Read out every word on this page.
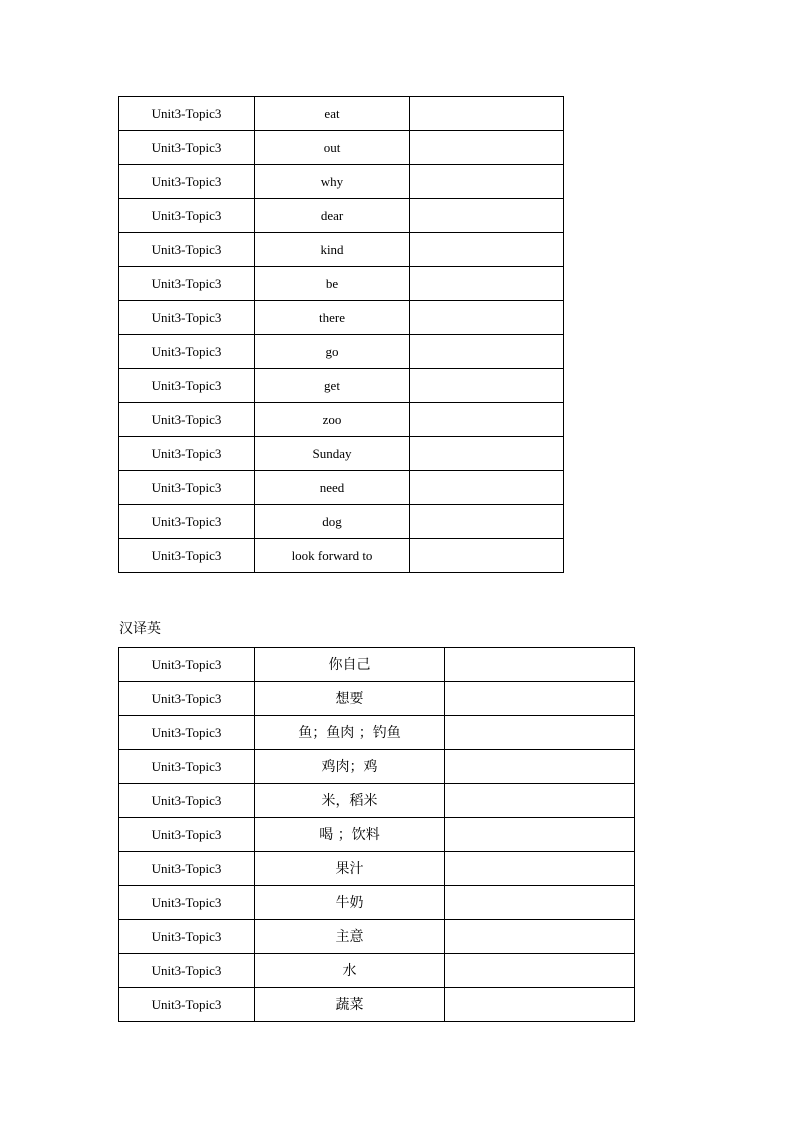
Unit3-Topic3	eat	
Unit3-Topic3	out	
Unit3-Topic3	why	
Unit3-Topic3	dear	
Unit3-Topic3	kind	
Unit3-Topic3	be	
Unit3-Topic3	there	
Unit3-Topic3	go	
Unit3-Topic3	get	
Unit3-Topic3	zoo	
Unit3-Topic3	Sunday	
Unit3-Topic3	need	
Unit3-Topic3	dog	
Unit3-Topic3	look forward to	
汉译英
Unit3-Topic3	你自己	
Unit3-Topic3	想要	
Unit3-Topic3	鱼；鱼肉 ；钓鱼	
Unit3-Topic3	鸡肉；鸡	
Unit3-Topic3	米，稻米	
Unit3-Topic3	喝 ；饮料	
Unit3-Topic3	果汁	
Unit3-Topic3	牛奶	
Unit3-Topic3	主意	
Unit3-Topic3	水	
Unit3-Topic3	蔬菜	
